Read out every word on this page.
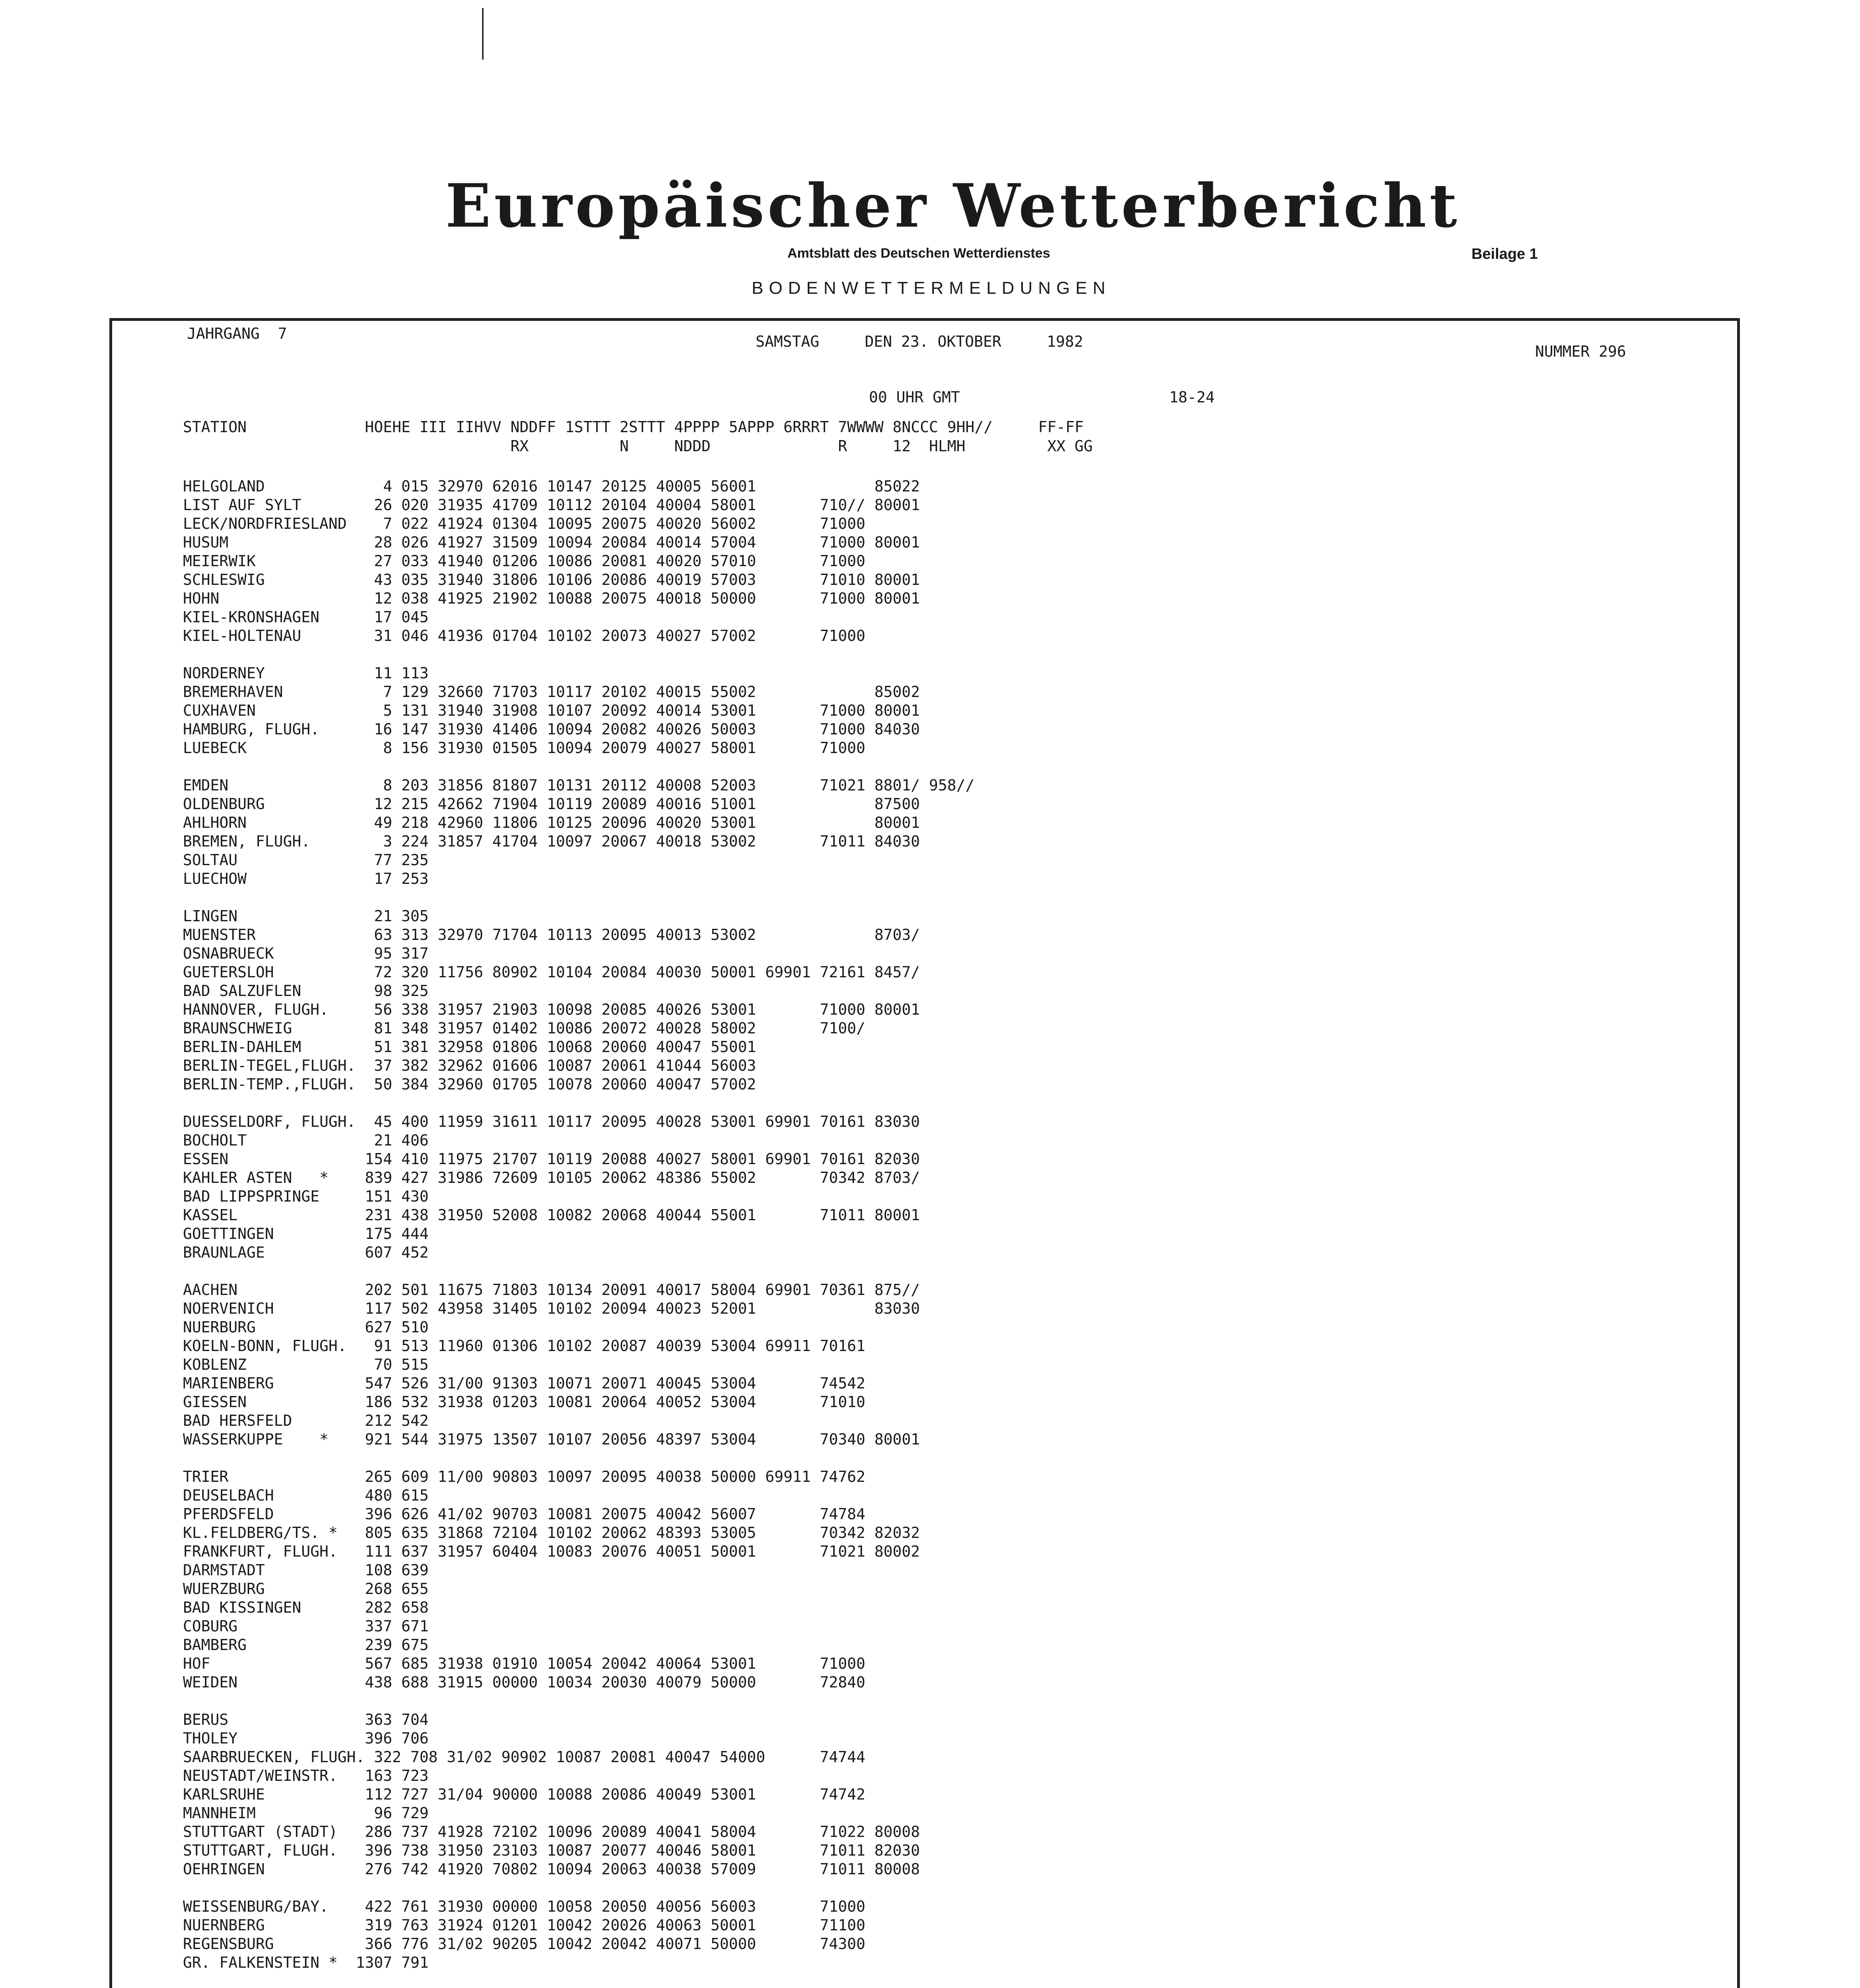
Europäischer Wetterbericht
Amtsblatt des Deutschen Wetterdienstes	Beilage 1
BODENWETTERMELDUNGEN
JAHRGANG  7	SAMSTAG     DEN 23. OKTOBER     1982
NUMMER 296
00 UHR GMT                       18-24
STATION             HOEHE III IIHVV NDDFF 1STTT 2STTT 4PPPP 5APPP 6RRRT 7WWWW 8NCCC 9HH//     FF-FF
RX          N     NDDD              R     12  HLMH         XX GG
HELGOLAND             4 015 32970 62016 10147 20125 40005 56001             85022
LIST AUF SYLT        26 020 31935 41709 10112 20104 40004 58001       710// 80001
LECK/NORDFRIESLAND    7 022 41924 01304 10095 20075 40020 56002       71000
HUSUM                28 026 41927 31509 10094 20084 40014 57004       71000 80001
MEIERWIK             27 033 41940 01206 10086 20081 40020 57010       71000
SCHLESWIG            43 035 31940 31806 10106 20086 40019 57003       71010 80001
HOHN                 12 038 41925 21902 10088 20075 40018 50000       71000 80001
KIEL-KRONSHAGEN      17 045
KIEL-HOLTENAU        31 046 41936 01704 10102 20073 40027 57002       71000
NORDERNEY            11 113
BREMERHAVEN           7 129 32660 71703 10117 20102 40015 55002             85002
CUXHAVEN              5 131 31940 31908 10107 20092 40014 53001       71000 80001
HAMBURG, FLUGH.      16 147 31930 41406 10094 20082 40026 50003       71000 84030
LUEBECK               8 156 31930 01505 10094 20079 40027 58001       71000
EMDEN                 8 203 31856 81807 10131 20112 40008 52003       71021 8801/ 958//
OLDENBURG            12 215 42662 71904 10119 20089 40016 51001             87500
AHLHORN              49 218 42960 11806 10125 20096 40020 53001             80001
BREMEN, FLUGH.        3 224 31857 41704 10097 20067 40018 53002       71011 84030
SOLTAU               77 235
LUECHOW              17 253
LINGEN               21 305
MUENSTER             63 313 32970 71704 10113 20095 40013 53002             8703/
OSNABRUECK           95 317
GUETERSLOH           72 320 11756 80902 10104 20084 40030 50001 69901 72161 8457/
BAD SALZUFLEN        98 325
HANNOVER, FLUGH.     56 338 31957 21903 10098 20085 40026 53001       71000 80001
BRAUNSCHWEIG         81 348 31957 01402 10086 20072 40028 58002       7100/
BERLIN-DAHLEM        51 381 32958 01806 10068 20060 40047 55001
BERLIN-TEGEL,FLUGH.  37 382 32962 01606 10087 20061 41044 56003
BERLIN-TEMP.,FLUGH.  50 384 32960 01705 10078 20060 40047 57002
DUESSELDORF, FLUGH.  45 400 11959 31611 10117 20095 40028 53001 69901 70161 83030
BOCHOLT              21 406
ESSEN               154 410 11975 21707 10119 20088 40027 58001 69901 70161 82030
KAHLER ASTEN   *    839 427 31986 72609 10105 20062 48386 55002       70342 8703/
BAD LIPPSPRINGE     151 430
KASSEL              231 438 31950 52008 10082 20068 40044 55001       71011 80001
GOETTINGEN          175 444
BRAUNLAGE           607 452
AACHEN              202 501 11675 71803 10134 20091 40017 58004 69901 70361 875//
NOERVENICH          117 502 43958 31405 10102 20094 40023 52001             83030
NUERBURG            627 510
KOELN-BONN, FLUGH.   91 513 11960 01306 10102 20087 40039 53004 69911 70161
KOBLENZ              70 515
MARIENBERG          547 526 31/00 91303 10071 20071 40045 53004       74542
GIESSEN             186 532 31938 01203 10081 20064 40052 53004       71010
BAD HERSFELD        212 542
WASSERKUPPE    *    921 544 31975 13507 10107 20056 48397 53004       70340 80001
TRIER               265 609 11/00 90803 10097 20095 40038 50000 69911 74762
DEUSELBACH          480 615
PFERDSFELD          396 626 41/02 90703 10081 20075 40042 56007       74784
KL.FELDBERG/TS. *   805 635 31868 72104 10102 20062 48393 53005       70342 82032
FRANKFURT, FLUGH.   111 637 31957 60404 10083 20076 40051 50001       71021 80002
DARMSTADT           108 639
WUERZBURG           268 655
BAD KISSINGEN       282 658
COBURG              337 671
BAMBERG             239 675
HOF                 567 685 31938 01910 10054 20042 40064 53001       71000
WEIDEN              438 688 31915 00000 10034 20030 40079 50000       72840
BERUS               363 704
THOLEY              396 706
SAARBRUECKEN, FLUGH. 322 708 31/02 90902 10087 20081 40047 54000      74744
NEUSTADT/WEINSTR.   163 723
KARLSRUHE           112 727 31/04 90000 10088 20086 40049 53001       74742
MANNHEIM             96 729
STUTTGART (STADT)   286 737 41928 72102 10096 20089 40041 58004       71022 80008
STUTTGART, FLUGH.   396 738 31950 23103 10087 20077 40046 58001       71011 82030
OEHRINGEN           276 742 41920 70802 10094 20063 40038 57009       71011 80008
WEISSENBURG/BAY.    422 761 31930 00000 10058 20050 40056 56003       71000
NUERNBERG           319 763 31924 01201 10042 20026 40063 50001       71100
REGENSBURG          366 776 31/02 90205 10042 20042 40071 50000       74300
GR. FALKENSTEIN *  1307 791
